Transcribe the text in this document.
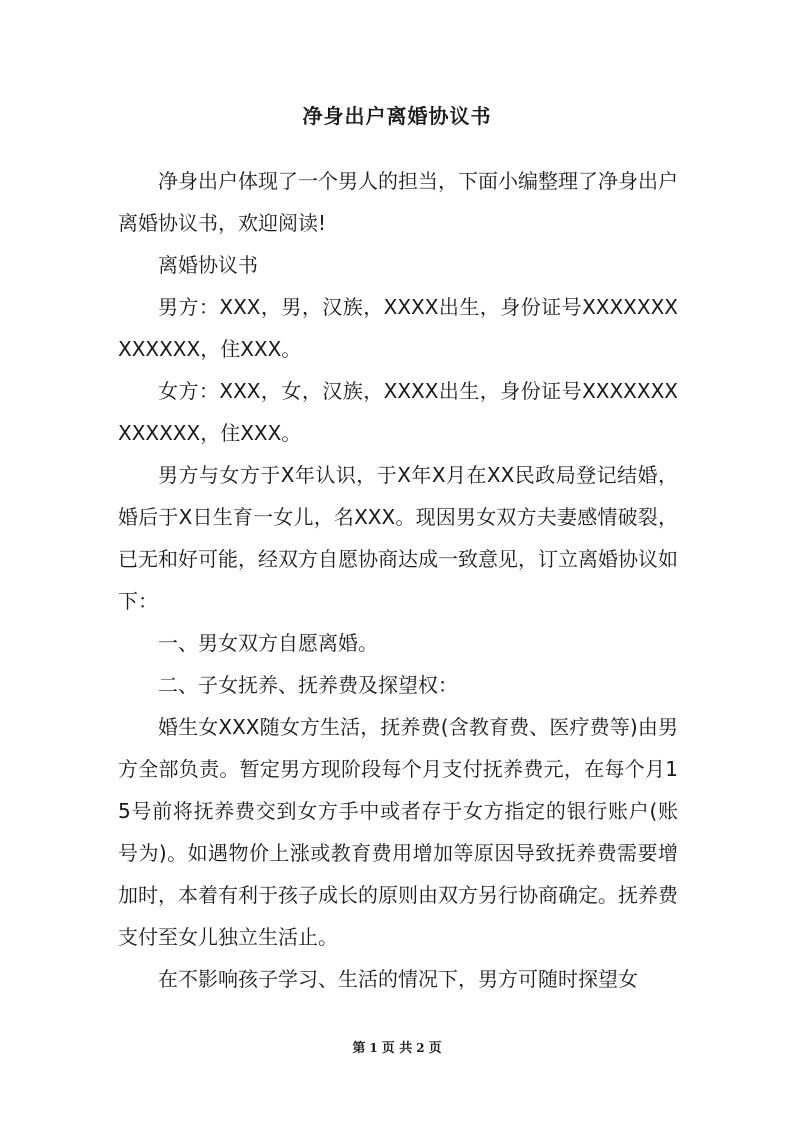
净身出户离婚协议书

净身出户体现了一个男人的担当，下面小编整理了净身出户离婚协议书，欢迎阅读!

离婚协议书

男方：XXX，男，汉族，XXXX出生，身份证号XXXXXXXXXXXXX，住XXX。

女方：XXX，女，汉族，XXXX出生，身份证号XXXXXXXXXXXXX，住XXX。

男方与女方于X年认识，于X年X月在XX民政局登记结婚，婚后于X日生育一女儿，名XXX。现因男女双方夫妻感情破裂，已无和好可能，经双方自愿协商达成一致意见，订立离婚协议如下：

一、男女双方自愿离婚。

二、子女抚养、抚养费及探望权：

婚生女XXX随女方生活，抚养费(含教育费、医疗费等)由男方全部负责。暂定男方现阶段每个月支付抚养费元，在每个月15号前将抚养费交到女方手中或者存于女方指定的银行账户(账号为)。如遇物价上涨或教育费用增加等原因导致抚养费需要增加时，本着有利于孩子成长的原则由双方另行协商确定。抚养费支付至女儿独立生活止。

在不影响孩子学习、生活的情况下，男方可随时探望女

第 1 页 共 2 页
